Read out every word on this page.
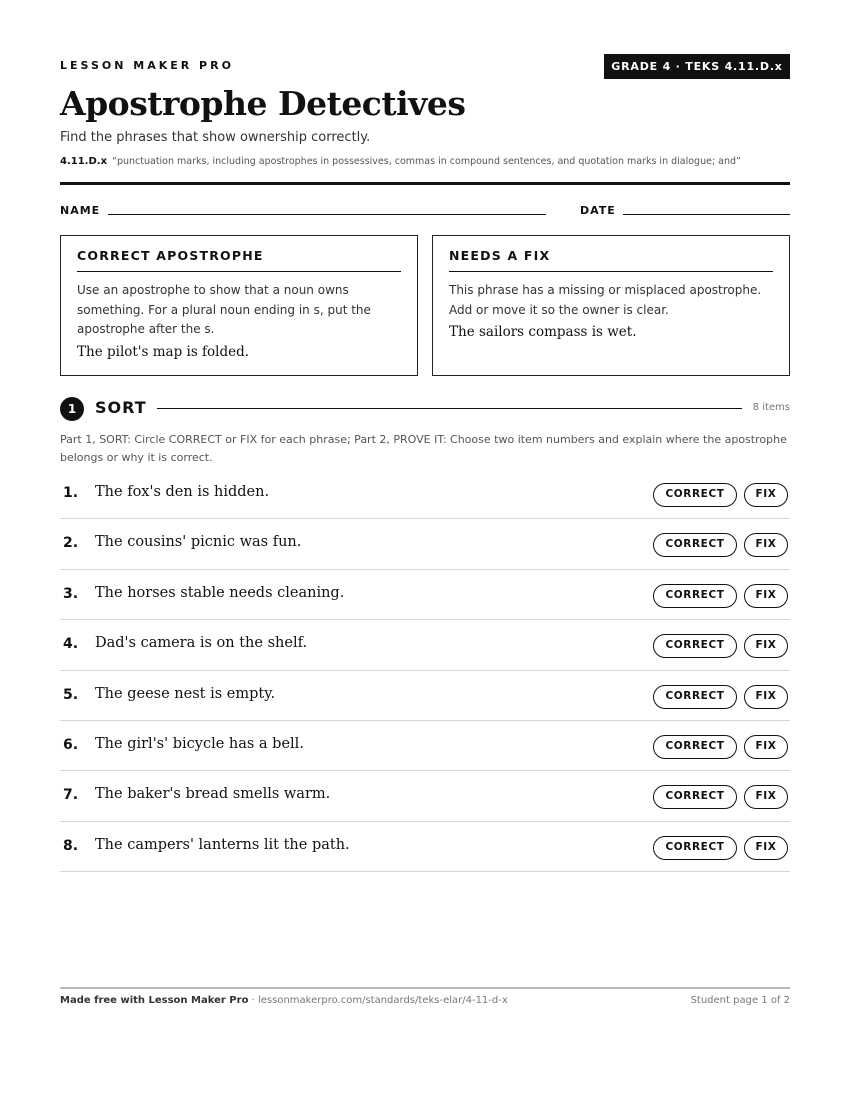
LESSON MAKER PRO	GRADE 4 · TEKS 4.11.D.x
Apostrophe Detectives
Find the phrases that show ownership correctly.
4.11.D.x “punctuation marks, including apostrophes in possessives, commas in compound sentences, and quotation marks in dialogue; and”
NAME	DATE
CORRECT APOSTROPHE
Use an apostrophe to show that a noun owns something. For a plural noun ending in s, put the apostrophe after the s.
The pilot's map is folded.
NEEDS A FIX
This phrase has a missing or misplaced apostrophe. Add or move it so the owner is clear.
The sailors compass is wet.
1	SORT	8 items
Part 1, SORT: Circle CORRECT or FIX for each phrase; Part 2, PROVE IT: Choose two item numbers and explain where the apostrophe belongs or why it is correct.
1. The fox's den is hidden.	CORRECT	FIX
2. The cousins' picnic was fun.	CORRECT	FIX
3. The horses stable needs cleaning.	CORRECT	FIX
4. Dad's camera is on the shelf.	CORRECT	FIX
5. The geese nest is empty.	CORRECT	FIX
6. The girl's' bicycle has a bell.	CORRECT	FIX
7. The baker's bread smells warm.	CORRECT	FIX
8. The campers' lanterns lit the path.	CORRECT	FIX
Made free with Lesson Maker Pro · lessonmakerpro.com/standards/teks-elar/4-11-d-x	Student page 1 of 2
